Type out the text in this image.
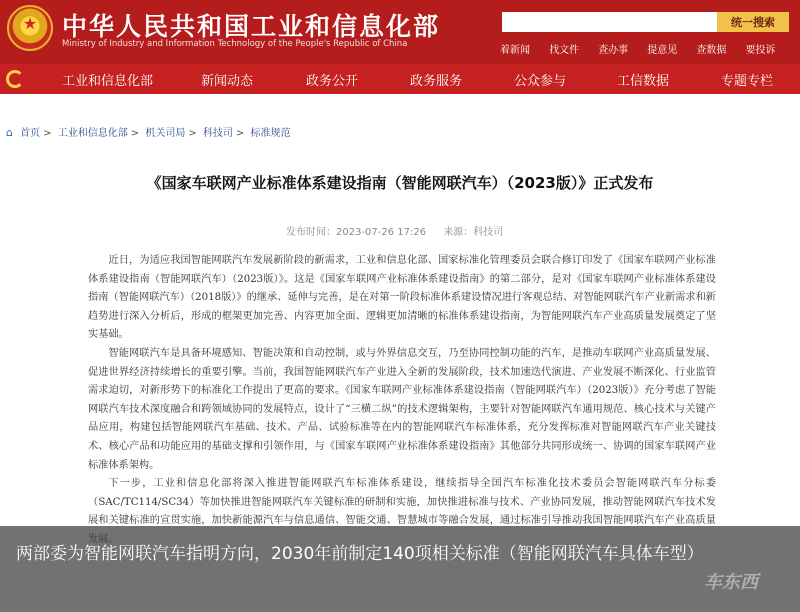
★ 中华人民共和国工业和信息化部
Ministry of Industry and Information Technology of the People's Republic of China
统一搜索
着新闻 找文件 查办事 提意见 查数据 要投诉
工业和信息化部	新闻动态	政务公开	政务服务	公众参与	工信数据	专题专栏
⌂ 首页 > 工业和信息化部 > 机关司局 > 科技司 > 标准规范
《国家车联网产业标准体系建设指南（智能网联汽车）（2023版）》正式发布
发布时间：2023-07-26 17:26 来源：科技司

近日，为适应我国智能网联汽车发展新阶段的新需求，工业和信息化部、国家标准化管理委员会联合修订印发了《国家车联网产业标准体系建设指南（智能网联汽车）（2023版）》。这是《国家车联网产业标准体系建设指南》的第二部分，是对《国家车联网产业标准体系建设指南（智能网联汽车）（2018版）》的继承、延伸与完善，是在对第一阶段标准体系建设情况进行客观总结、对智能网联汽车产业新需求和新趋势进行深入分析后，形成的框架更加完善、内容更加全面、逻辑更加清晰的标准体系建设指南，为智能网联汽车产业高质量发展奠定了坚实基础。

智能网联汽车是具备环境感知、智能决策和自动控制，或与外界信息交互，乃至协同控制功能的汽车，是推动车联网产业高质量发展、促进世界经济持续增长的重要引擎。当前，我国智能网联汽车产业进入全新的发展阶段，技术加速迭代演进、产业发展不断深化、行业监管需求迫切，对新形势下的标准化工作提出了更高的要求。《国家车联网产业标准体系建设指南（智能网联汽车）（2023版）》充分考虑了智能网联汽车技术深度融合和跨领域协同的发展特点，设计了“三横二纵”的技术逻辑架构，主要针对智能网联汽车通用规范、核心技术与关键产品应用，构建包括智能网联汽车基础、技术、产品、试验标准等在内的智能网联汽车标准体系，充分发挥标准对智能网联汽车产业关键技术、核心产品和功能应用的基础支撑和引领作用，与《国家车联网产业标准体系建设指南》其他部分共同形成统一、协调的国家车联网产业标准体系架构。

下一步，工业和信息化部将深入推进智能网联汽车标准体系建设，继续指导全国汽车标准化技术委员会智能网联汽车分标委（SAC/TC114/SC34）等加快推进智能网联汽车关键标准的研制和实施，加快推进标准与技术、产业协同发展，推动智能网联汽车技术发展和关键标准的宣贯实施，加快新能源汽车与信息通信、智能交通、智慧城市等融合发展，通过标准引导推动我国智能网联汽车产业高质量

两部委为智能网联汽车指明方向，2030年前制定140项相关标准（智能网联汽车具体车型）
车东西
